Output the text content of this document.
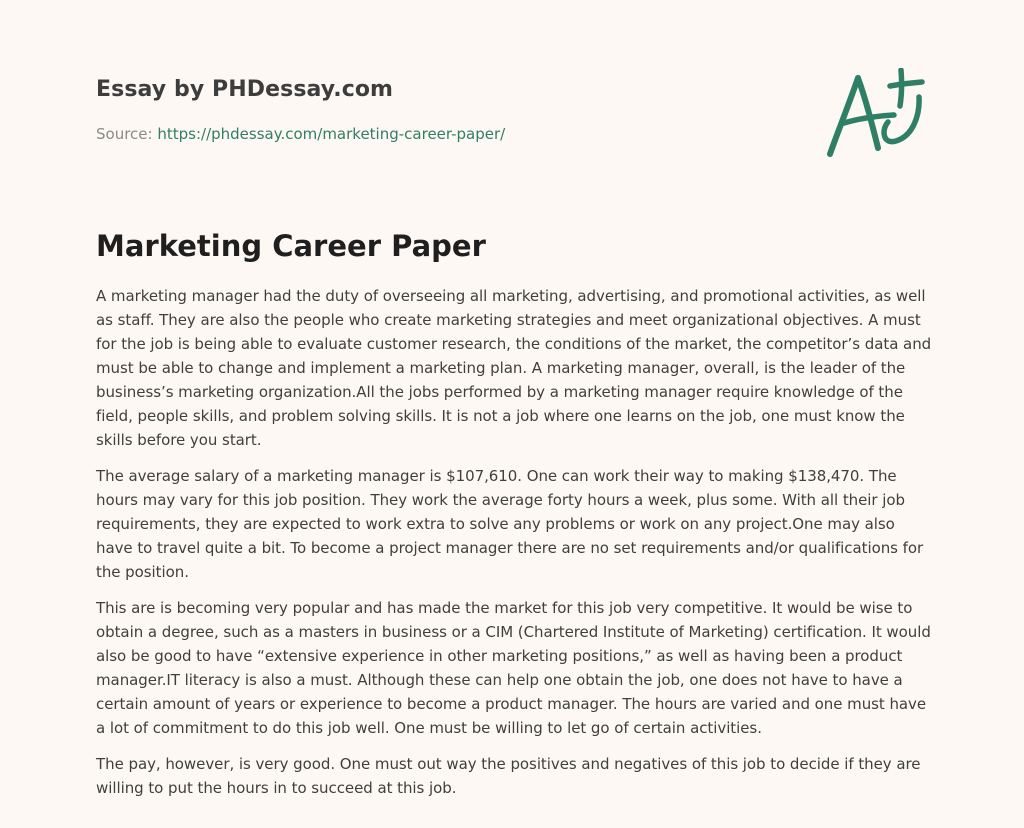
Essay by PHDessay.com
Source: https://phdessay.com/marketing-career-paper/
Marketing Career Paper

A marketing manager had the duty of overseeing all marketing, advertising, and promotional activities, as well as staff. They are also the people who create marketing strategies and meet organizational objectives. A must for the job is being able to evaluate customer research, the conditions of the market, the competitor’s data and must be able to change and implement a marketing plan. A marketing manager, overall, is the leader of the business’s marketing organization.All the jobs performed by a marketing manager require knowledge of the field, people skills, and problem solving skills. It is not a job where one learns on the job, one must know the skills before you start.

The average salary of a marketing manager is $107,610. One can work their way to making $138,470. The hours may vary for this job position. They work the average forty hours a week, plus some. With all their job requirements, they are expected to work extra to solve any problems or work on any project.One may also have to travel quite a bit. To become a project manager there are no set requirements and/or qualifications for the position.

This are is becoming very popular and has made the market for this job very competitive. It would be wise to obtain a degree, such as a masters in business or a CIM (Chartered Institute of Marketing) certification. It would also be good to have “extensive experience in other marketing positions,” as well as having been a product manager.IT literacy is also a must. Although these can help one obtain the job, one does not have to have a certain amount of years or experience to become a product manager. The hours are varied and one must have a lot of commitment to do this job well. One must be willing to let go of certain activities.

The pay, however, is very good. One must out way the positives and negatives of this job to decide if they are willing to put the hours in to succeed at this job.
